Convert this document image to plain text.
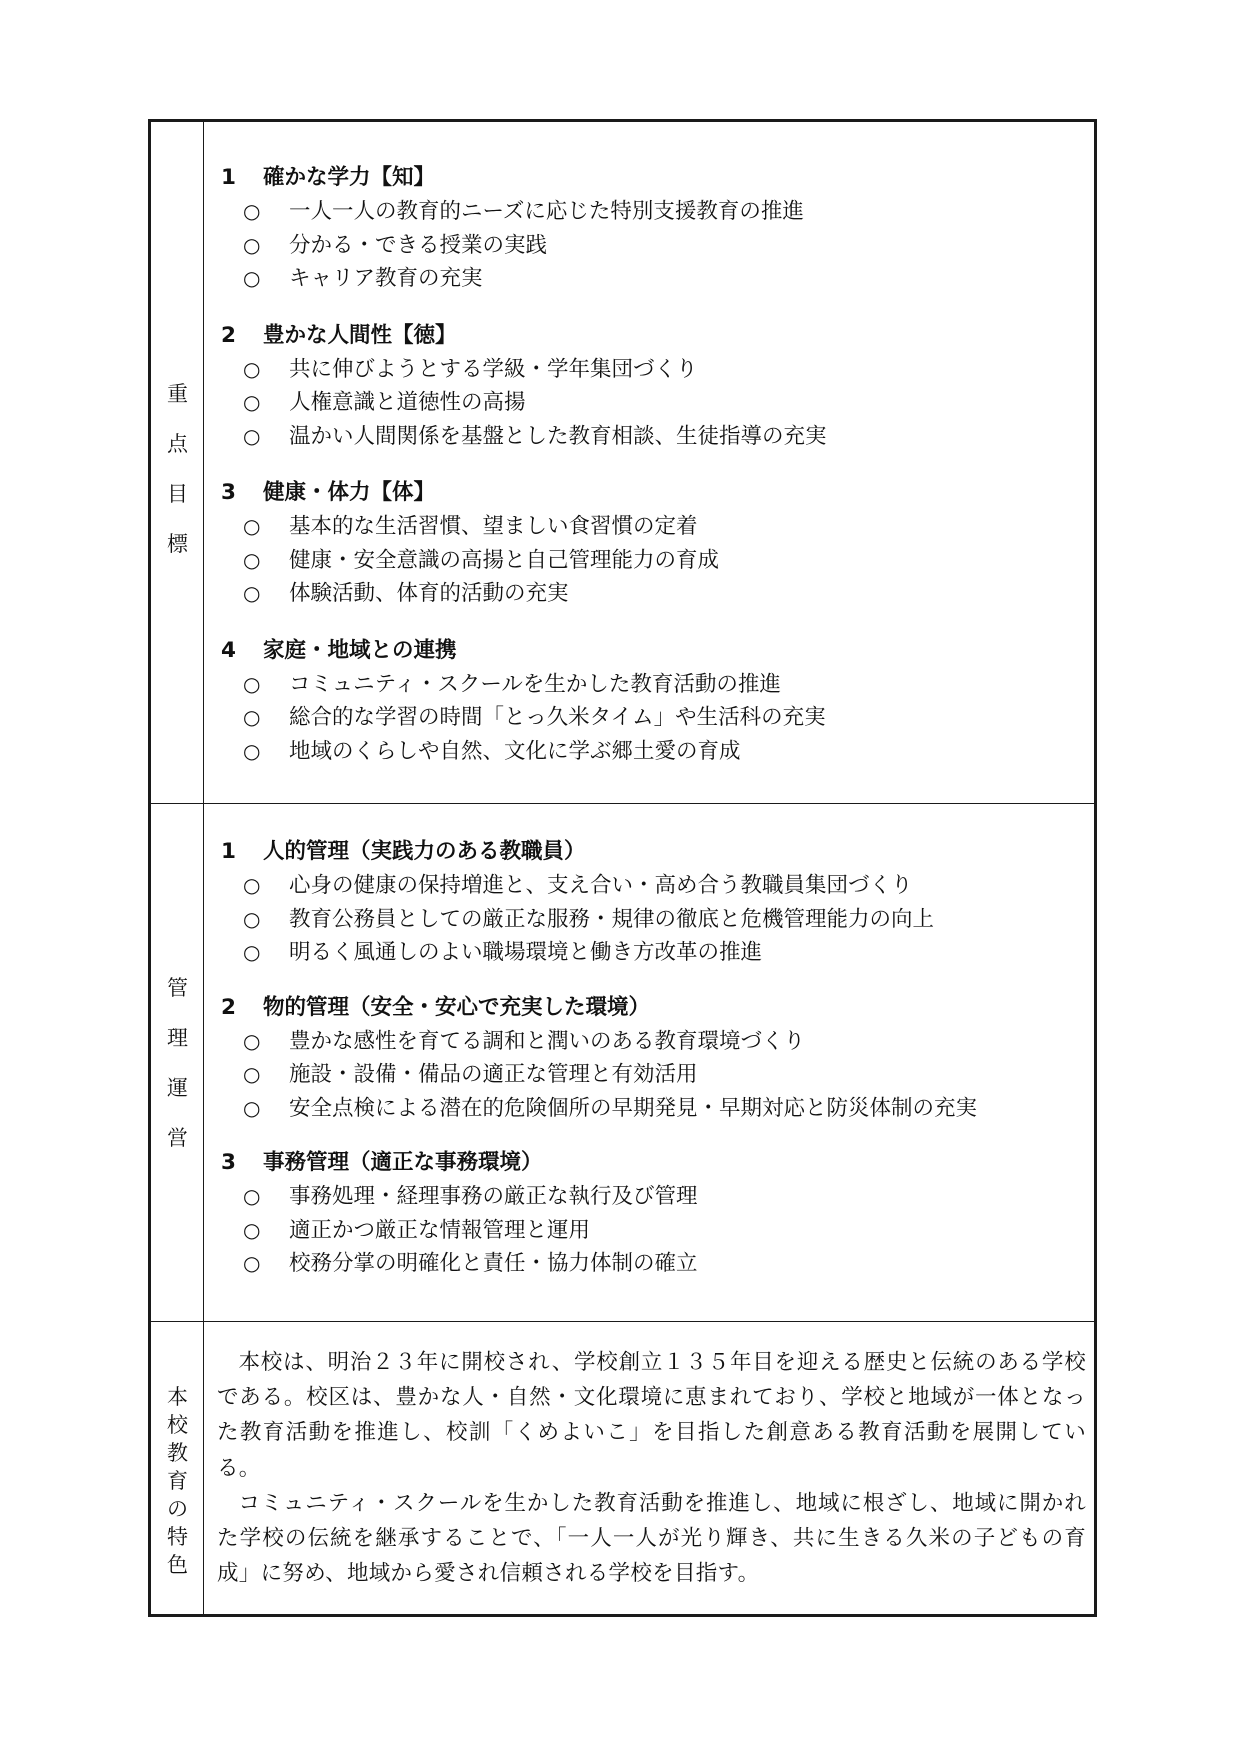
重
点
目
標
1 確かな学力【知】
○ 一人一人の教育的ニーズに応じた特別支援教育の推進
○ 分かる・できる授業の実践
○ キャリア教育の充実
2 豊かな人間性【徳】
○ 共に伸びようとする学級・学年集団づくり
○ 人権意識と道徳性の高揚
○ 温かい人間関係を基盤とした教育相談、生徒指導の充実
3 健康・体力【体】
○ 基本的な生活習慣、望ましい食習慣の定着
○ 健康・安全意識の高揚と自己管理能力の育成
○ 体験活動、体育的活動の充実
4 家庭・地域との連携
○ コミュニティ・スクールを生かした教育活動の推進
○ 総合的な学習の時間「とっ久米タイム」や生活科の充実
○ 地域のくらしや自然、文化に学ぶ郷土愛の育成
管
理
運
営
1 人的管理（実践力のある教職員）
○ 心身の健康の保持増進と、支え合い・高め合う教職員集団づくり
○ 教育公務員としての厳正な服務・規律の徹底と危機管理能力の向上
○ 明るく風通しのよい職場環境と働き方改革の推進
2 物的管理（安全・安心で充実した環境）
○ 豊かな感性を育てる調和と潤いのある教育環境づくり
○ 施設・設備・備品の適正な管理と有効活用
○ 安全点検による潜在的危険個所の早期発見・早期対応と防災体制の充実
3 事務管理（適正な事務環境）
○ 事務処理・経理事務の厳正な執行及び管理
○ 適正かつ厳正な情報管理と運用
○ 校務分掌の明確化と責任・協力体制の確立
本
校
教
育
の
特
色

本校は、明治２３年に開校され、学校創立１３５年目を迎える歴史と伝統のある学校である。校区は、豊かな人・自然・文化環境に恵まれており、学校と地域が一体となった教育活動を推進し、校訓「くめよいこ」を目指した創意ある教育活動を展開している。

コミュニティ・スクールを生かした教育活動を推進し、地域に根ざし、地域に開かれた学校の伝統を継承することで、「一人一人が光り輝き、共に生きる久米の子どもの育成」に努め、地域から愛され信頼される学校を目指す。
